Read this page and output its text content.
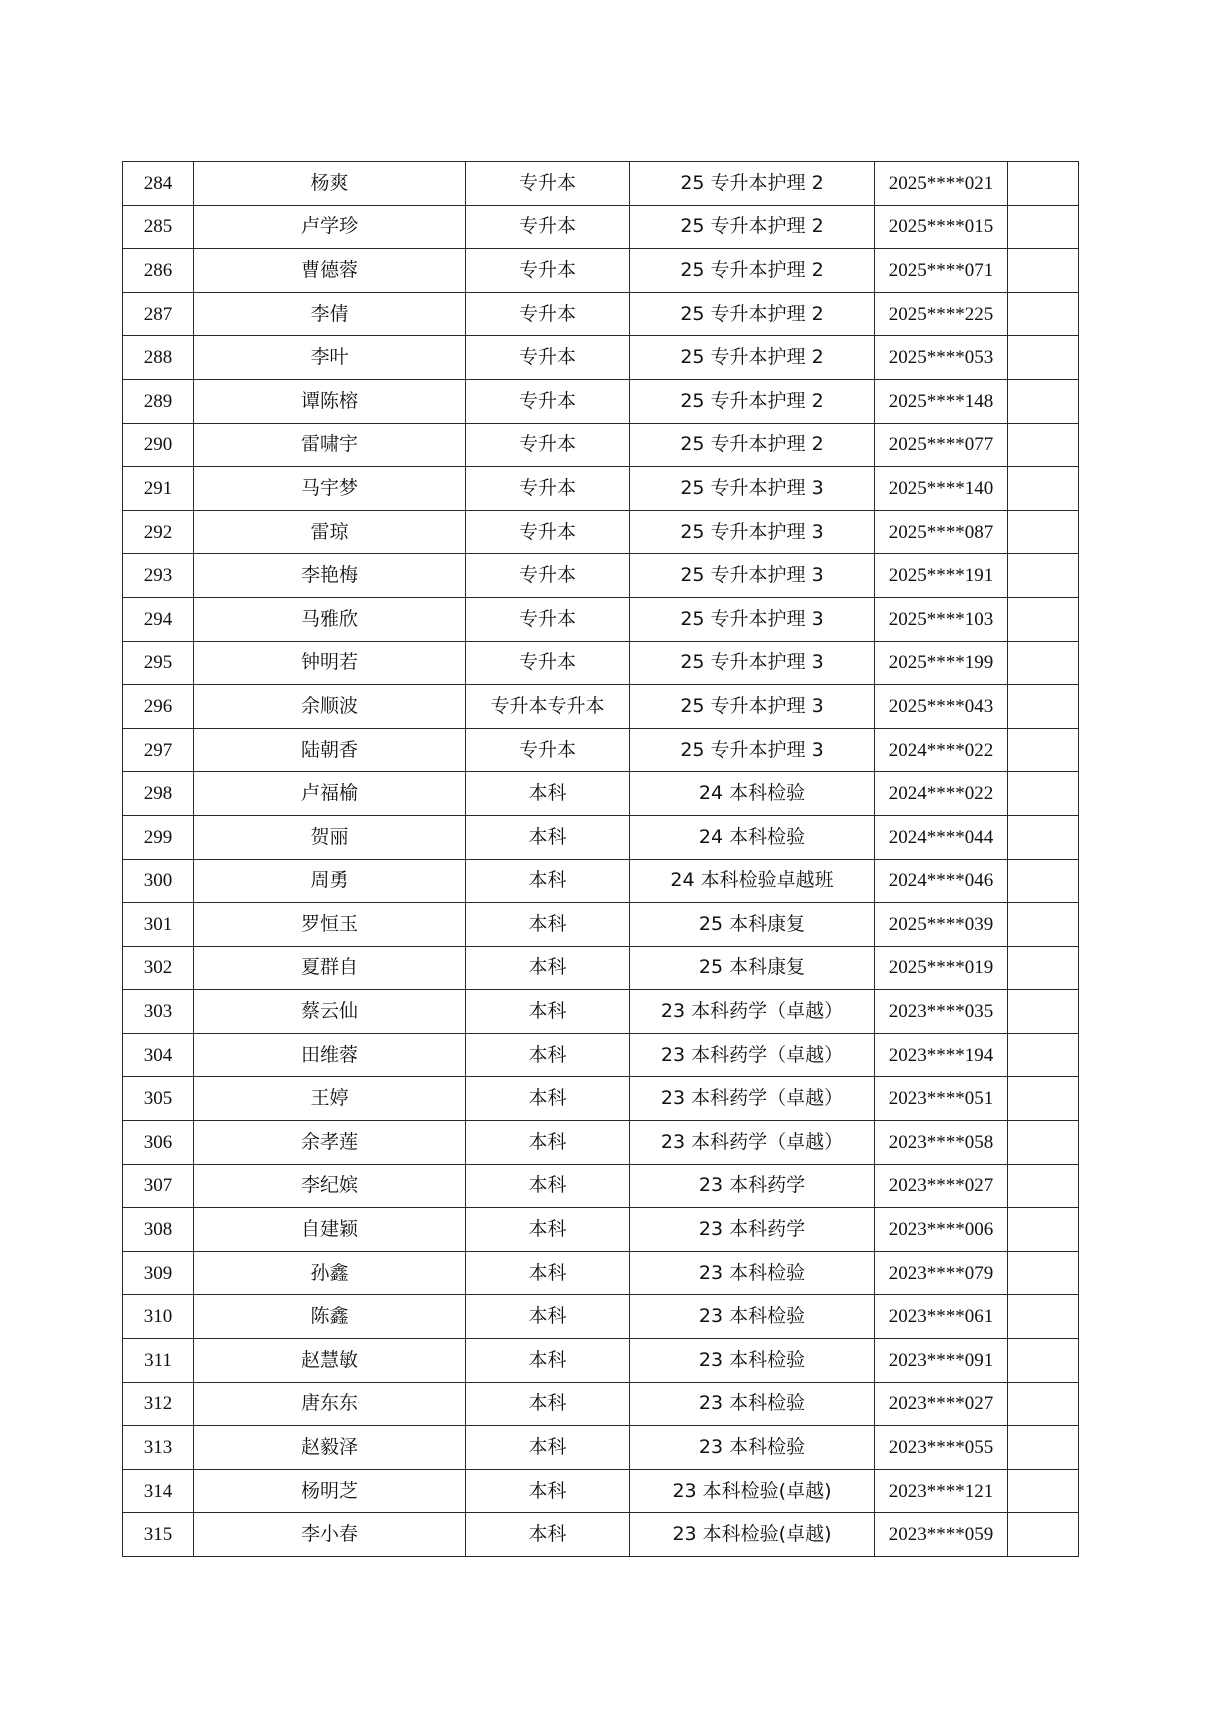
284	杨爽	专升本	25 专升本护理 2	2025****021	
285	卢学珍	专升本	25 专升本护理 2	2025****015	
286	曹德蓉	专升本	25 专升本护理 2	2025****071	
287	李倩	专升本	25 专升本护理 2	2025****225	
288	李叶	专升本	25 专升本护理 2	2025****053	
289	谭陈榕	专升本	25 专升本护理 2	2025****148	
290	雷啸宇	专升本	25 专升本护理 2	2025****077	
291	马宇梦	专升本	25 专升本护理 3	2025****140	
292	雷琼	专升本	25 专升本护理 3	2025****087	
293	李艳梅	专升本	25 专升本护理 3	2025****191	
294	马雅欣	专升本	25 专升本护理 3	2025****103	
295	钟明若	专升本	25 专升本护理 3	2025****199	
296	余顺波	专升本专升本	25 专升本护理 3	2025****043	
297	陆朝香	专升本	25 专升本护理 3	2024****022	
298	卢福榆	本科	24 本科检验	2024****022	
299	贺丽	本科	24 本科检验	2024****044	
300	周勇	本科	24 本科检验卓越班	2024****046	
301	罗恒玉	本科	25 本科康复	2025****039	
302	夏群自	本科	25 本科康复	2025****019	
303	蔡云仙	本科	23 本科药学（卓越）	2023****035	
304	田维蓉	本科	23 本科药学（卓越）	2023****194	
305	王婷	本科	23 本科药学（卓越）	2023****051	
306	余孝莲	本科	23 本科药学（卓越）	2023****058	
307	李纪嫔	本科	23 本科药学	2023****027	
308	自建颖	本科	23 本科药学	2023****006	
309	孙鑫	本科	23 本科检验	2023****079	
310	陈鑫	本科	23 本科检验	2023****061	
311	赵慧敏	本科	23 本科检验	2023****091	
312	唐东东	本科	23 本科检验	2023****027	
313	赵毅泽	本科	23 本科检验	2023****055	
314	杨明芝	本科	23 本科检验(卓越)	2023****121	
315	李小春	本科	23 本科检验(卓越)	2023****059	
